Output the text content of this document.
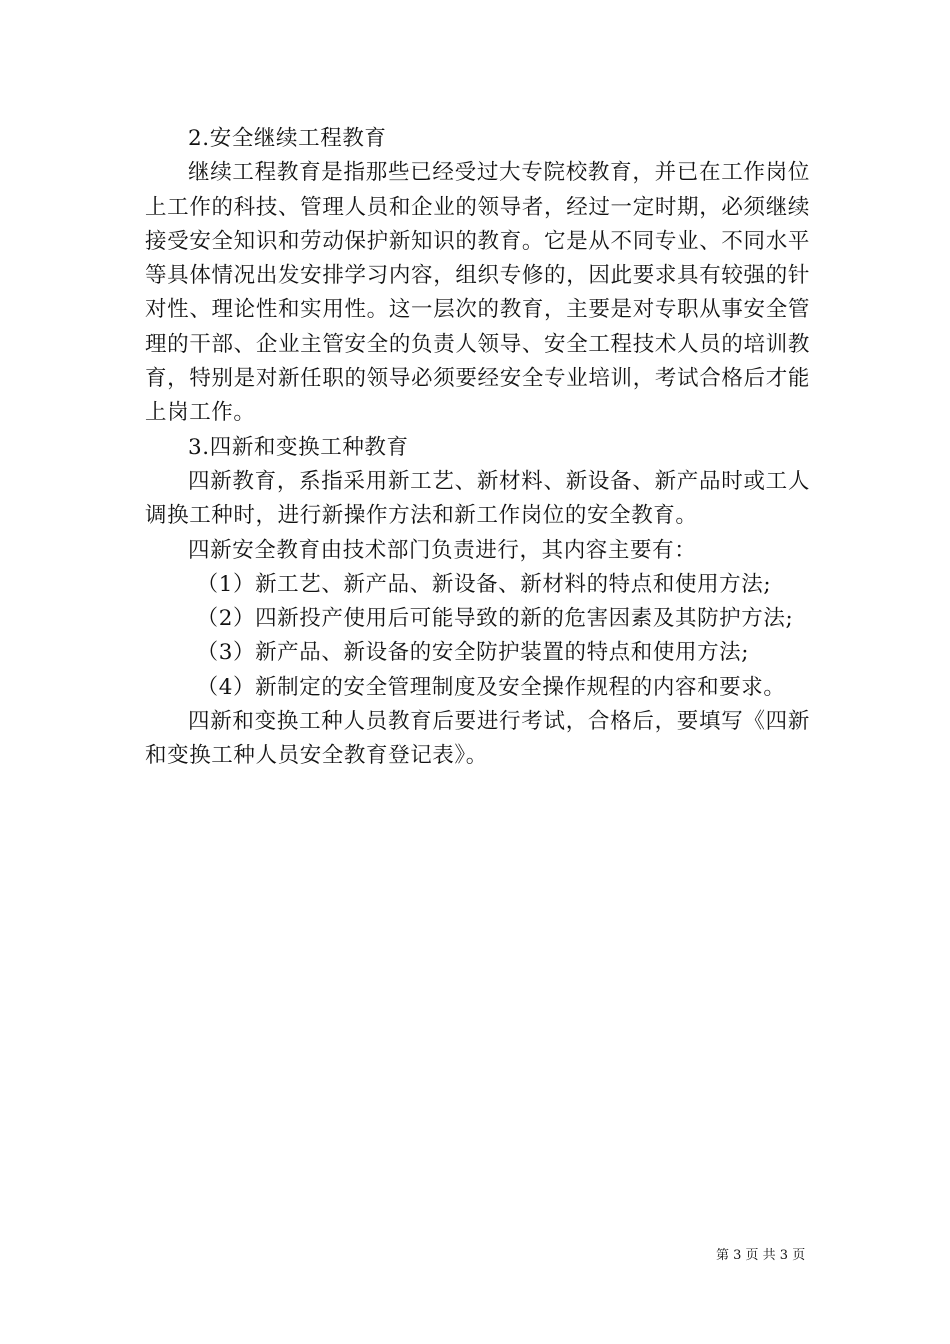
2.安全继续工程教育

继续工程教育是指那些已经受过大专院校教育，并已在工作岗位上工作的科技、管理人员和企业的领导者，经过一定时期，必须继续接受安全知识和劳动保护新知识的教育。它是从不同专业、不同水平等具体情况出发安排学习内容，组织专修的，因此要求具有较强的针对性、理论性和实用性。这一层次的教育，主要是对专职从事安全管理的干部、企业主管安全的负责人领导、安全工程技术人员的培训教育，特别是对新任职的领导必须要经安全专业培训，考试合格后才能上岗工作。

3.四新和变换工种教育

四新教育，系指采用新工艺、新材料、新设备、新产品时或工人调换工种时，进行新操作方法和新工作岗位的安全教育。

四新安全教育由技术部门负责进行，其内容主要有：

（1）新工艺、新产品、新设备、新材料的特点和使用方法;

（2）四新投产使用后可能导致的新的危害因素及其防护方法;

（3）新产品、新设备的安全防护装置的特点和使用方法;

（4）新制定的安全管理制度及安全操作规程的内容和要求。

四新和变换工种人员教育后要进行考试，合格后，要填写《四新和变换工种人员安全教育登记表》。

第 3 页 共 3 页
